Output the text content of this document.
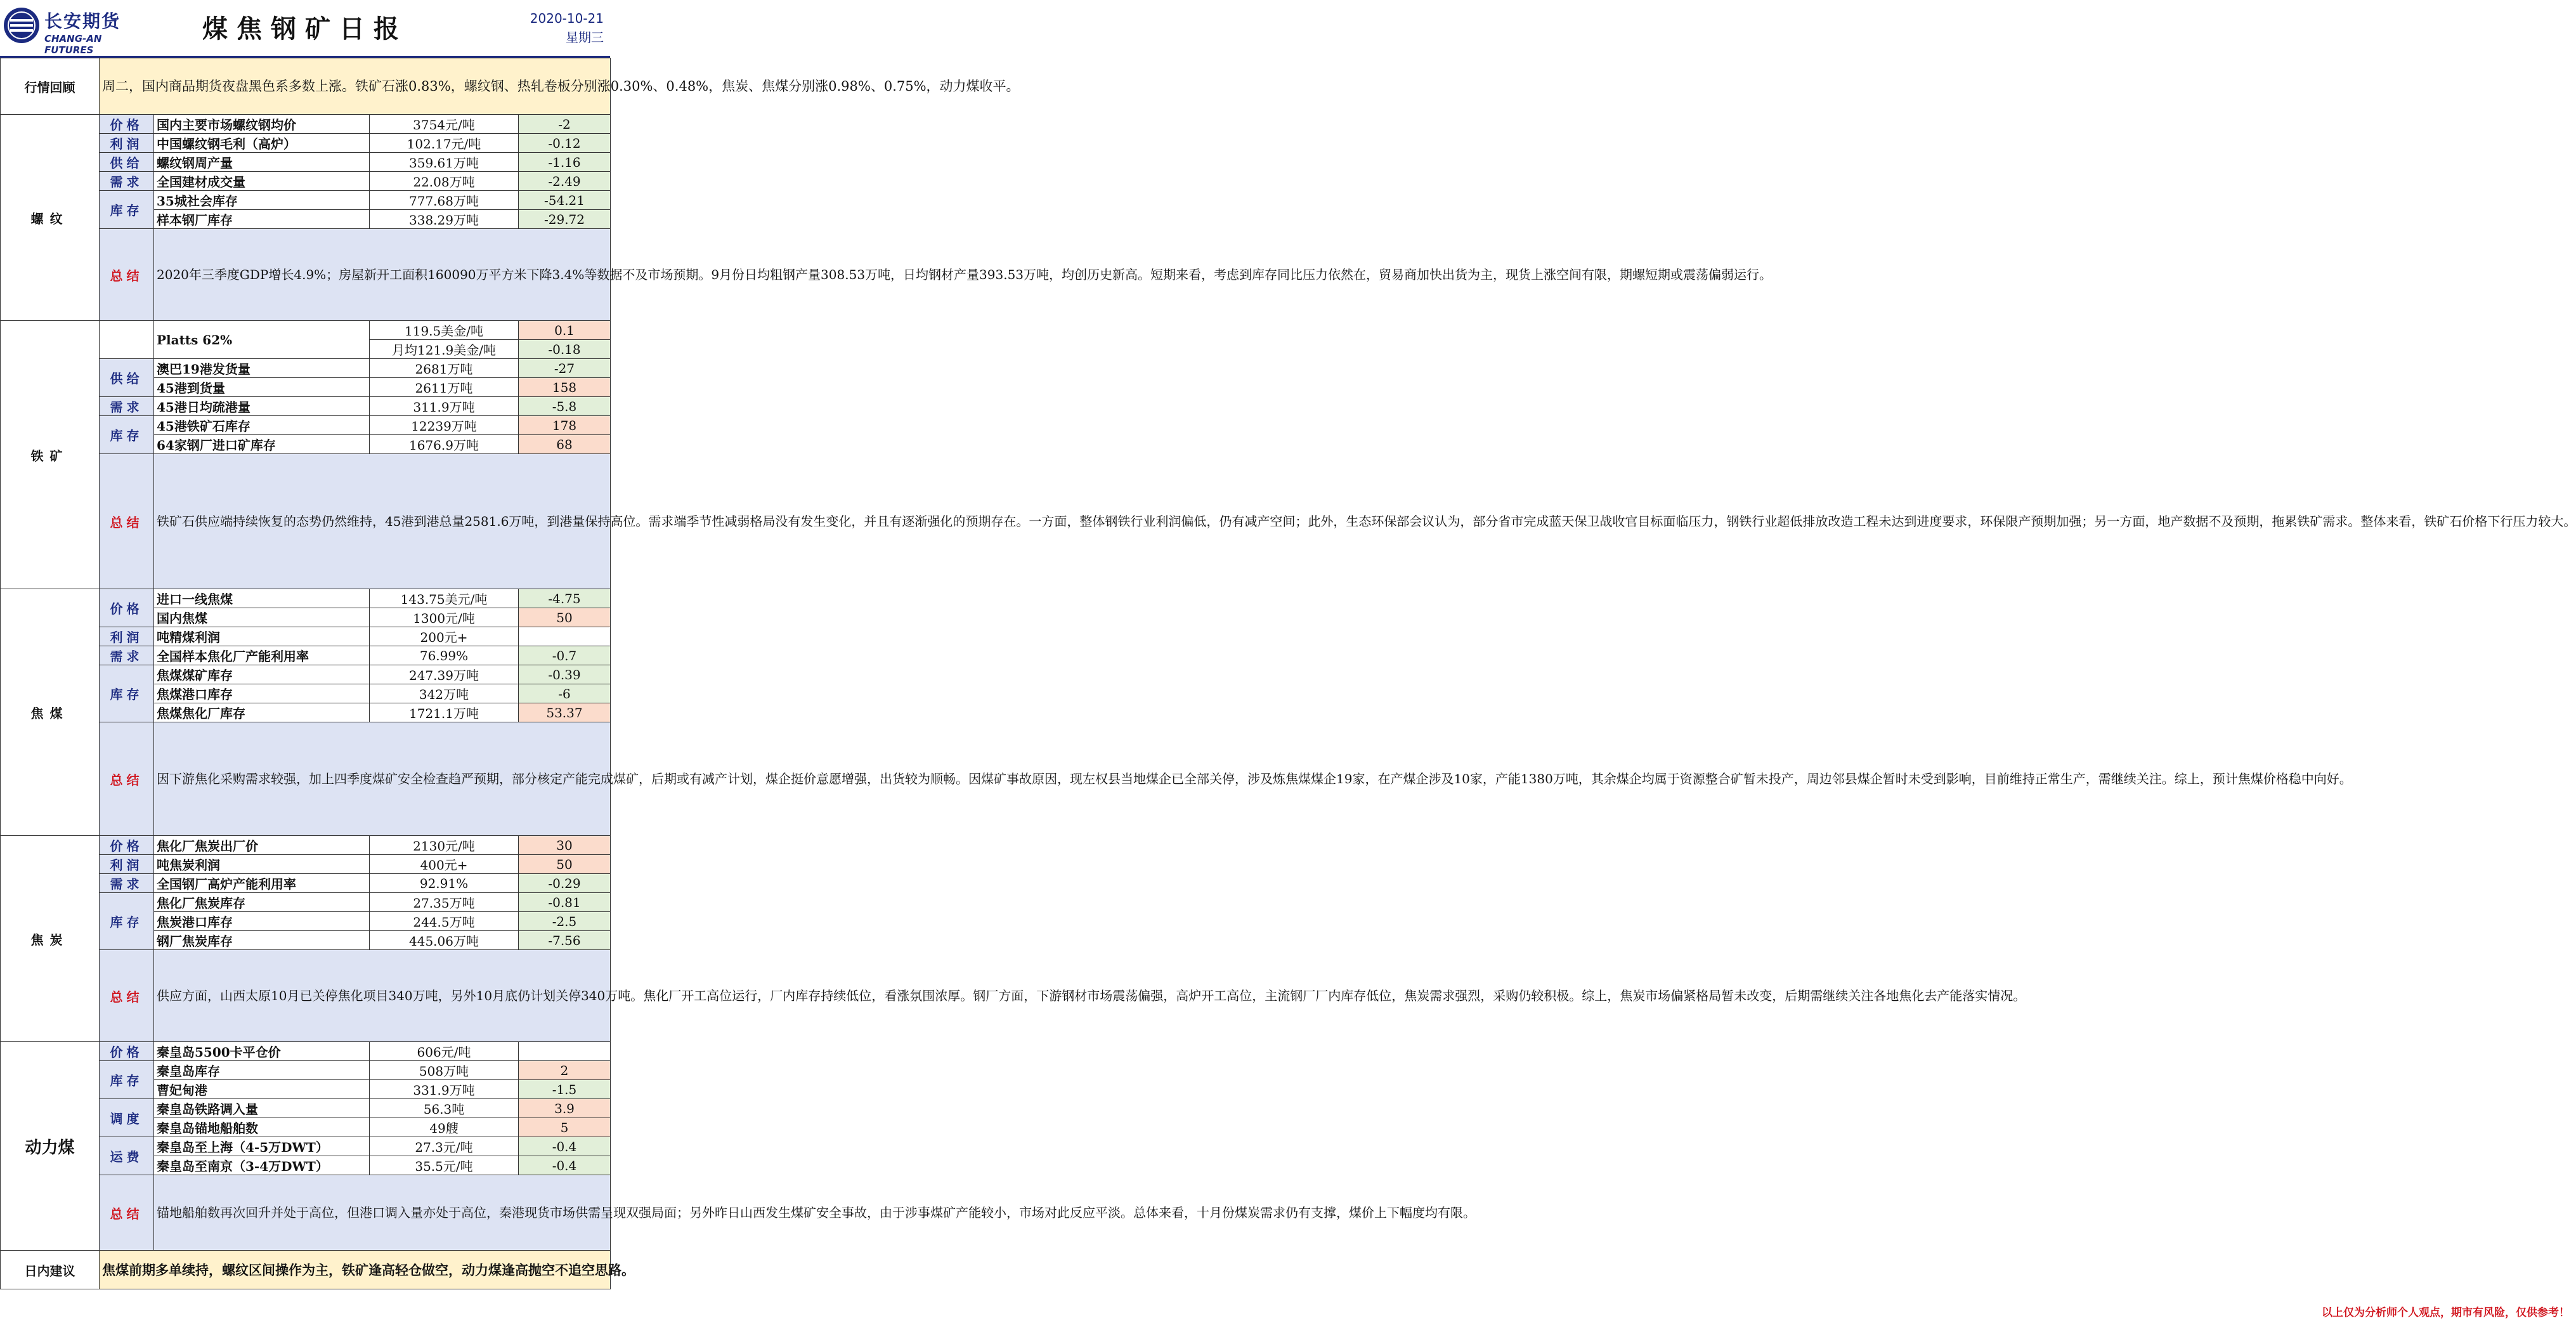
长安期货
CHANG-AN FUTURES
煤焦钢矿日报	2020-10-21
星期三
行情回顾	周二，国内商品期货夜盘黑色系多数上涨。铁矿石涨0.83%，螺纹钢、热轧卷板分别涨0.30%、0.48%，焦炭、焦煤分别涨0.98%、0.75%，动力煤收平。			
螺纹	价格	国内主要市场螺纹钢均价	3754元/吨	-2
	利润	中国螺纹钢毛利（高炉）	102.17元/吨	-0.12
	供给	螺纹钢周产量	359.61万吨	-1.16
	需求	全国建材成交量	22.08万吨	-2.49
	库存	35城社会库存	777.68万吨	-54.21
		样本钢厂库存	338.29万吨	-29.72
	总结	2020年三季度GDP增长4.9%；房屋新开工面积160090万平方米下降3.4%等数据不及市场预期。9月份日均粗钢产量308.53万吨，日均钢材产量393.53万吨，均创历史新高。短期来看，考虑到库存同比压力依然在，贸易商加快出货为主，现货上涨空间有限，期螺短期或震荡偏弱运行。		
铁矿		Platts 62%	119.5美金/吨	0.1
			月均121.9美金/吨	-0.18
	供给	澳巴19港发货量	2681万吨	-27
		45港到货量	2611万吨	158
	需求	45港日均疏港量	311.9万吨	-5.8
	库存	45港铁矿石库存	12239万吨	178
		64家钢厂进口矿库存	1676.9万吨	68
	总结	铁矿石供应端持续恢复的态势仍然维持，45港到港总量2581.6万吨，到港量保持高位。需求端季节性减弱格局没有发生变化，并且有逐渐强化的预期存在。一方面，整体钢铁行业利润偏低，仍有减产空间；此外，生态环保部会议认为，部分省市完成蓝天保卫战收官目标面临压力，钢铁行业超低排放改造工程未达到进度要求，环保限产预期加强；另一方面，地产数据不及预期，拖累铁矿需求。整体来看，铁矿石价格下行压力较大。		
焦煤	价格	进口一线焦煤	143.75美元/吨	-4.75
		国内焦煤	1300元/吨	50
	利润	吨精煤利润	200元+	
	需求	全国样本焦化厂产能利用率	76.99%	-0.7
	库存	焦煤煤矿库存	247.39万吨	-0.39
		焦煤港口库存	342万吨	-6
		焦煤焦化厂库存	1721.1万吨	53.37
	总结	因下游焦化采购需求较强，加上四季度煤矿安全检查趋严预期，部分核定产能完成煤矿，后期或有减产计划，煤企挺价意愿增强，出货较为顺畅。因煤矿事故原因，现左权县当地煤企已全部关停，涉及炼焦煤煤企19家，在产煤企涉及10家，产能1380万吨，其余煤企均属于资源整合矿暂未投产，周边邻县煤企暂时未受到影响，目前维持正常生产，需继续关注。综上，预计焦煤价格稳中向好。		
焦炭	价格	焦化厂焦炭出厂价	2130元/吨	30
	利润	吨焦炭利润	400元+	50
	需求	全国钢厂高炉产能利用率	92.91%	-0.29
	库存	焦化厂焦炭库存	27.35万吨	-0.81
		焦炭港口库存	244.5万吨	-2.5
		钢厂焦炭库存	445.06万吨	-7.56
	总结	供应方面，山西太原10月已关停焦化项目340万吨，另外10月底仍计划关停340万吨。焦化厂开工高位运行，厂内库存持续低位，看涨氛围浓厚。钢厂方面，下游钢材市场震荡偏强，高炉开工高位，主流钢厂厂内库存低位，焦炭需求强烈，采购仍较积极。综上，焦炭市场偏紧格局暂未改变，后期需继续关注各地焦化去产能落实情况。		
动力煤	价格	秦皇岛5500卡平仓价	606元/吨	
	库存	秦皇岛库存	508万吨	2
		曹妃甸港	331.9万吨	-1.5
	调度	秦皇岛铁路调入量	56.3吨	3.9
		秦皇岛锚地船舶数	49艘	5
	运费	秦皇岛至上海（4-5万DWT）	27.3元/吨	-0.4
		秦皇岛至南京（3-4万DWT）	35.5元/吨	-0.4
	总结	锚地船舶数再次回升并处于高位，但港口调入量亦处于高位，秦港现货市场供需呈现双强局面；另外昨日山西发生煤矿安全事故，由于涉事煤矿产能较小，市场对此反应平淡。总体来看，十月份煤炭需求仍有支撑，煤价上下幅度均有限。		
日内建议	焦煤前期多单续持，螺纹区间操作为主，铁矿逢高轻仓做空，动力煤逢高抛空不追空思路。			
以上仅为分析师个人观点，期市有风险，仅供参考！
